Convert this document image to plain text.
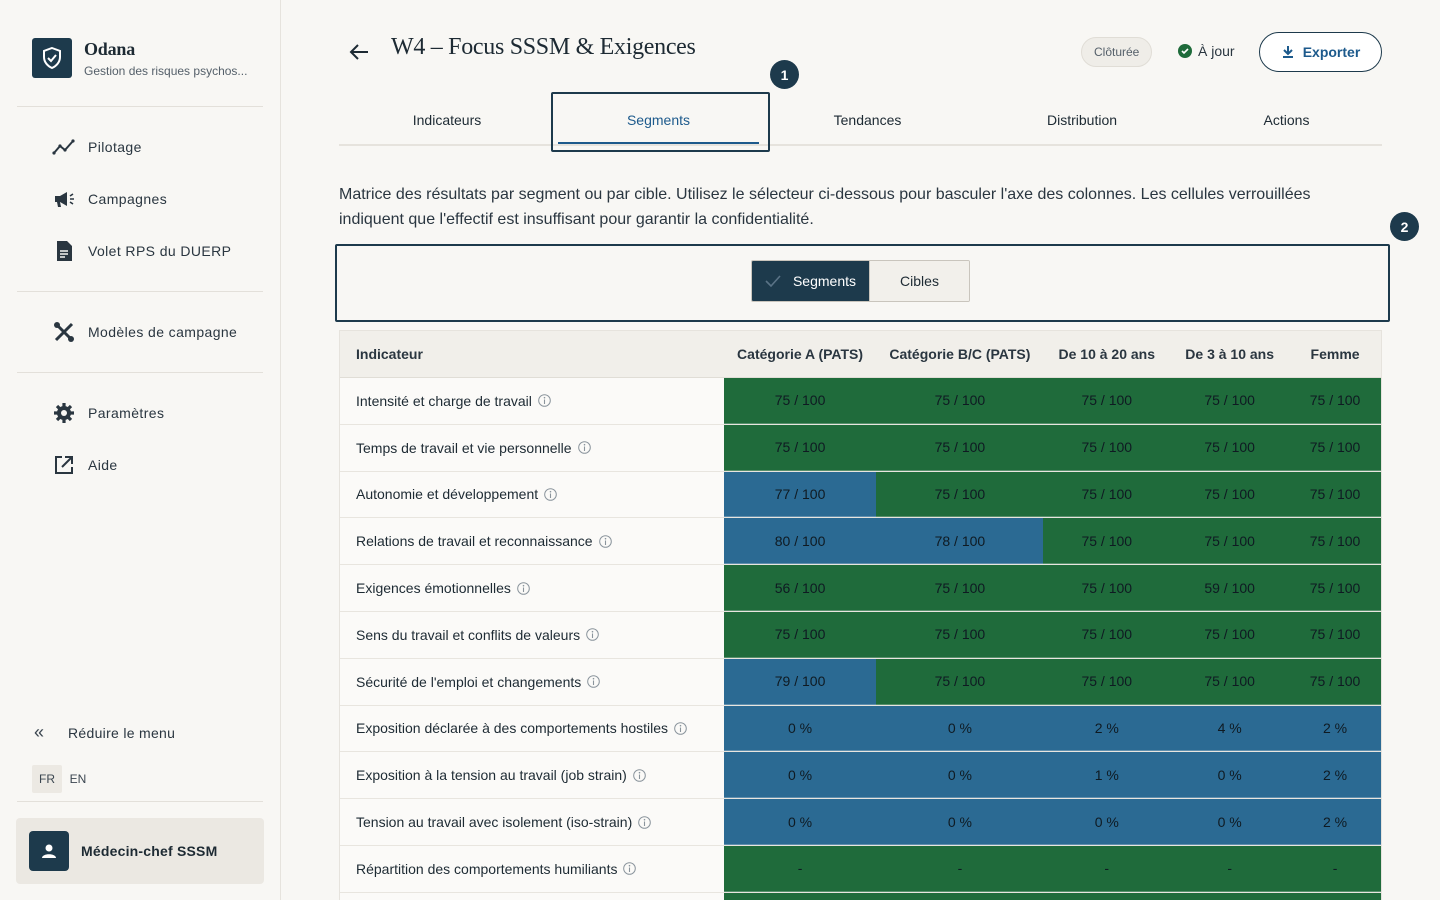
Odana
Gestion des risques psychos...
Pilotage
Campagnes
Volet RPS du DUERP
Modèles de campagne
Paramètres
Aide
«	Réduire le menu
FR	EN
Médecin-chef SSSM
W4 – Focus SSSM & Exigences	Clôturée	À jour	Exporter
Indicateurs	Segments	Tendances	Distribution	Actions
1

Matrice des résultats par segment ou par cible. Utilisez le sélecteur ci-dessous pour basculer l'axe des colonnes. Les cellules verrouillées indiquent que l'effectif est insuffisant pour garantir la confidentialité.	2
Segments	Cibles
Indicateur	Catégorie A (PATS)	Catégorie B/C (PATS)	De 10 à 20 ans	De 3 à 10 ans	Femme
Intensité et charge de travail	75 / 100	75 / 100	75 / 100	75 / 100	75 / 100
Temps de travail et vie personnelle	75 / 100	75 / 100	75 / 100	75 / 100	75 / 100
Autonomie et développement	77 / 100	75 / 100	75 / 100	75 / 100	75 / 100
Relations de travail et reconnaissance	80 / 100	78 / 100	75 / 100	75 / 100	75 / 100
Exigences émotionnelles	56 / 100	75 / 100	75 / 100	59 / 100	75 / 100
Sens du travail et conflits de valeurs	75 / 100	75 / 100	75 / 100	75 / 100	75 / 100
Sécurité de l'emploi et changements	79 / 100	75 / 100	75 / 100	75 / 100	75 / 100
Exposition déclarée à des comportements hostiles	0 %	0 %	2 %	4 %	2 %
Exposition à la tension au travail (job strain)	0 %	0 %	1 %	0 %	2 %
Tension au travail avec isolement (iso-strain)	0 %	0 %	0 %	0 %	2 %
Répartition des comportements humiliants	-	-	-	-	-
